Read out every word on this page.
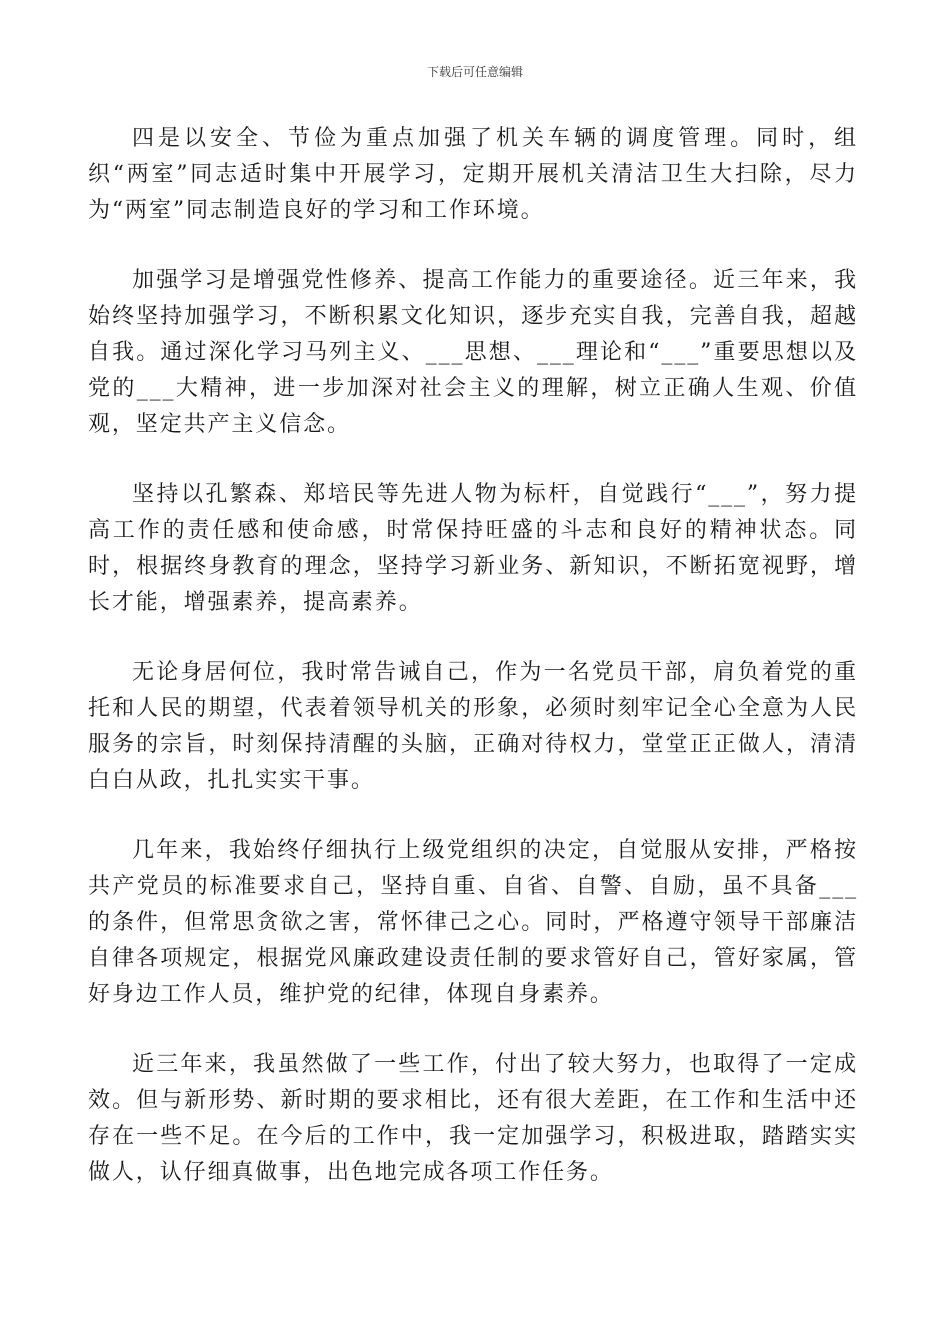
下载后可任意编辑

四是以安全、节俭为重点加强了机关车辆的调度管理。同时，组织“两室”同志适时集中开展学习，定期开展机关清洁卫生大扫除，尽力为“两室”同志制造良好的学习和工作环境。

加强学习是增强党性修养、提高工作能力的重要途径。近三年来，我始终坚持加强学习，不断积累文化知识，逐步充实自我，完善自我，超越自我。通过深化学习马列主义、___思想、___理论和“___”重要思想以及党的___大精神，进一步加深对社会主义的理解，树立正确人生观、价值观，坚定共产主义信念。

坚持以孔繁森、郑培民等先进人物为标杆，自觉践行“___”，努力提高工作的责任感和使命感，时常保持旺盛的斗志和良好的精神状态。同时，根据终身教育的理念，坚持学习新业务、新知识，不断拓宽视野，增长才能，增强素养，提高素养。

无论身居何位，我时常告诫自己，作为一名党员干部，肩负着党的重托和人民的期望，代表着领导机关的形象，必须时刻牢记全心全意为人民服务的宗旨，时刻保持清醒的头脑，正确对待权力，堂堂正正做人，清清白白从政，扎扎实实干事。

几年来，我始终仔细执行上级党组织的决定，自觉服从安排，严格按共产党员的标准要求自己，坚持自重、自省、自警、自励，虽不具备___的条件，但常思贪欲之害，常怀律己之心。同时，严格遵守领导干部廉洁自律各项规定，根据党风廉政建设责任制的要求管好自己，管好家属，管好身边工作人员，维护党的纪律，体现自身素养。

近三年来，我虽然做了一些工作，付出了较大努力，也取得了一定成效。但与新形势、新时期的要求相比，还有很大差距，在工作和生活中还存在一些不足。在今后的工作中，我一定加强学习，积极进取，踏踏实实做人，认仔细真做事，出色地完成各项工作任务。
